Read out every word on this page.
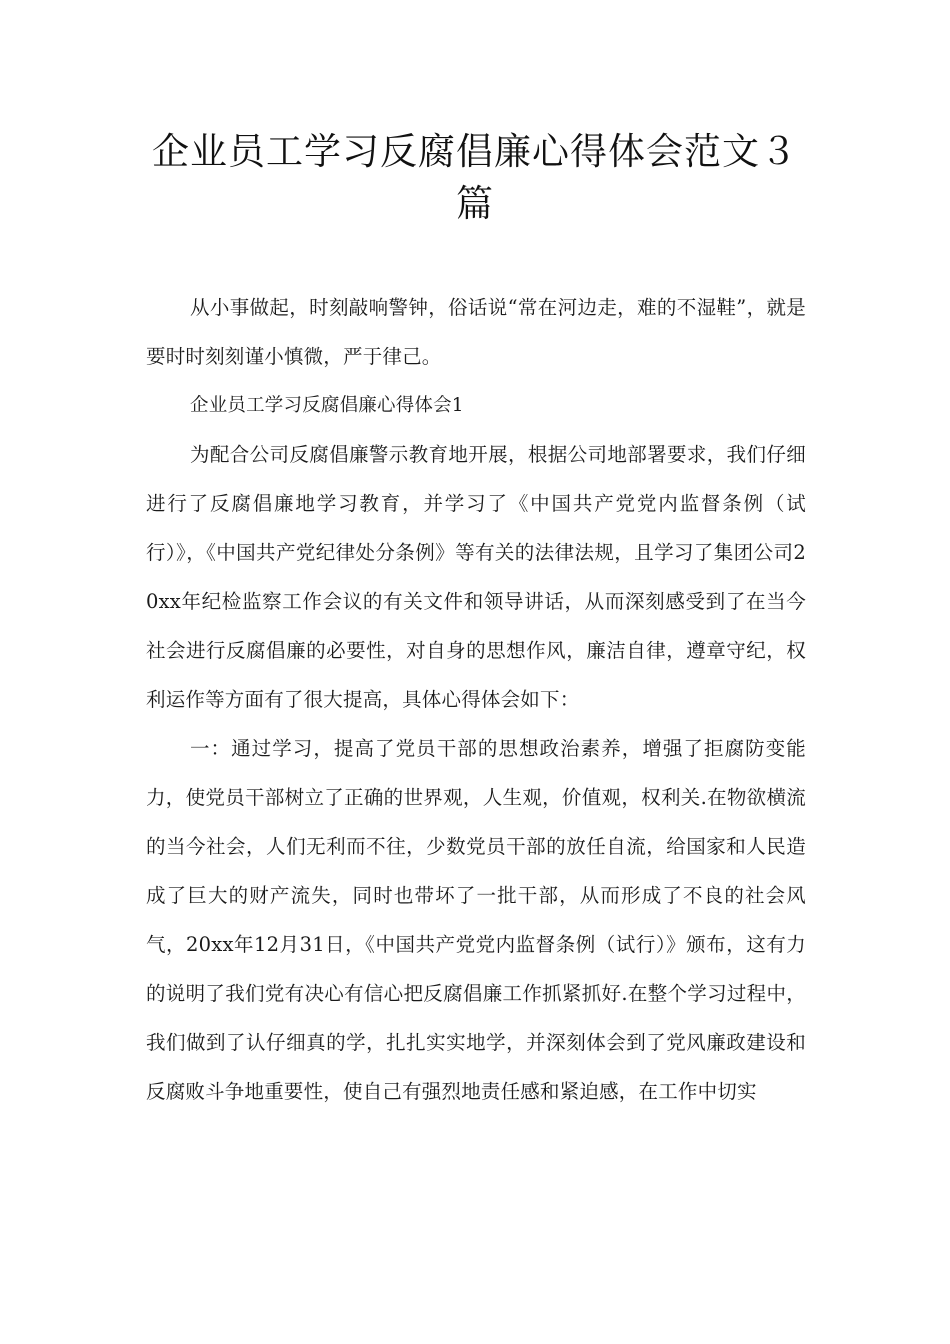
企业员工学习反腐倡廉心得体会范文３篇

从小事做起，时刻敲响警钟，俗话说“常在河边走，难的不湿鞋”，就是要时时刻刻谨小慎微，严于律己。

企业员工学习反腐倡廉心得体会1

为配合公司反腐倡廉警示教育地开展，根据公司地部署要求，我们仔细进行了反腐倡廉地学习教育，并学习了《中国共产党党内监督条例（试行）》，《中国共产党纪律处分条例》等有关的法律法规，且学习了集团公司20xx年纪检监察工作会议的有关文件和领导讲话，从而深刻感受到了在当今社会进行反腐倡廉的必要性，对自身的思想作风，廉洁自律，遵章守纪，权利运作等方面有了很大提高，具体心得体会如下：

一：通过学习，提高了党员干部的思想政治素养，增强了拒腐防变能力，使党员干部树立了正确的世界观，人生观，价值观，权利关.在物欲横流的当今社会，人们无利而不往，少数党员干部的放任自流，给国家和人民造成了巨大的财产流失，同时也带坏了一批干部，从而形成了不良的社会风气，20xx年12月31日，《中国共产党党内监督条例（试行）》颁布，这有力的说明了我们党有决心有信心把反腐倡廉工作抓紧抓好.在整个学习过程中，我们做到了认仔细真的学，扎扎实实地学，并深刻体会到了党风廉政建设和反腐败斗争地重要性，使自己有强烈地责任感和紧迫感，在工作中切实
